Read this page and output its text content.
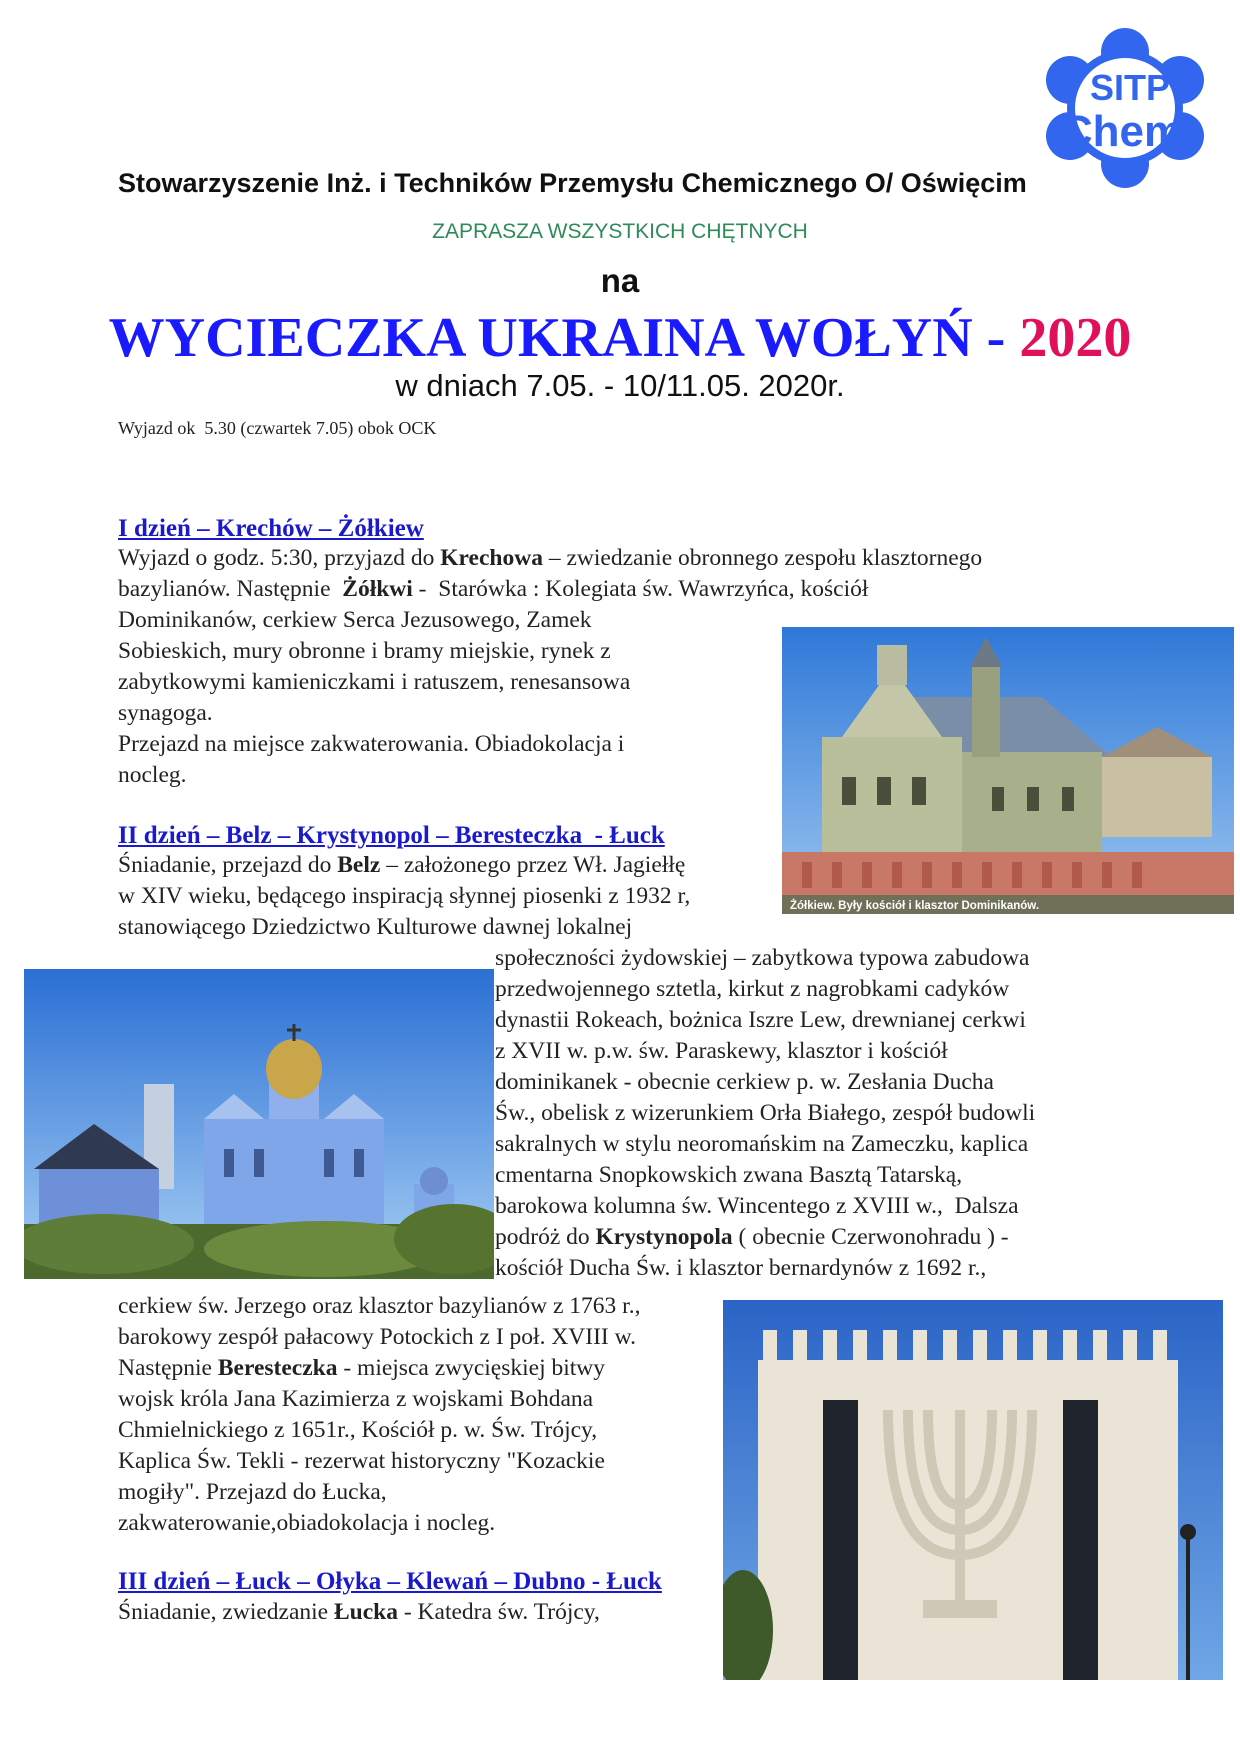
SITP
Chem
Stowarzyszenie Inż. i Techników Przemysłu Chemicznego O/ Oświęcim
ZAPRASZA WSZYSTKICH CHĘTNYCH
na
WYCIECZKA UKRAINA WOŁYŃ - 2020
w dniach 7.05. - 10/11.05. 2020r.
Wyjazd ok  5.30 (czwartek 7.05) obok OCK
I dzień – Krechów – Żółkiew

Wyjazd o godz. 5:30, przyjazd do Krechowa – zwiedzanie obronnego zespołu klasztornego

bazylianów. Następnie  Żółkwi -  Starówka : Kolegiata św. Wawrzyńca, kościół

Dominikanów, cerkiew Serca Jezusowego, Zamek

Sobieskich, mury obronne i bramy miejskie, rynek z

zabytkowymi kamieniczkami i ratuszem, renesansowa

synagoga.

Przejazd na miejsce zakwaterowania. Obiadokolacja i

nocleg.

Żółkiew. Były kościół i klasztor Dominikanów.
II dzień – Belz – Krystynopol – Beresteczka  - Łuck

Śniadanie, przejazd do Belz – założonego przez Wł. Jagiełłę

w XIV wieku, będącego inspiracją słynnej piosenki z 1932 r,

stanowiącego Dziedzictwo Kulturowe dawnej lokalnej

społeczności żydowskiej – zabytkowa typowa zabudowa

przedwojennego sztetla, kirkut z nagrobkami cadyków

dynastii Rokeach, bożnica Iszre Lew, drewnianej cerkwi

z XVII w. p.w. św. Paraskewy, klasztor i kościół

dominikanek - obecnie cerkiew p. w. Zesłania Ducha

Św., obelisk z wizerunkiem Orła Białego, zespół budowli

sakralnych w stylu neoromańskim na Zameczku, kaplica

cmentarna Snopkowskich zwana Basztą Tatarską,

barokowa kolumna św. Wincentego z XVIII w.,  Dalsza

podróż do Krystynopola ( obecnie Czerwonohradu ) -

kościół Ducha Św. i klasztor bernardynów z 1692 r.,

cerkiew św. Jerzego oraz klasztor bazylianów z 1763 r.,

barokowy zespół pałacowy Potockich z I poł. XVIII w.

Następnie Beresteczka - miejsca zwycięskiej bitwy

wojsk króla Jana Kazimierza z wojskami Bohdana

Chmielnickiego z 1651r., Kościół p. w. Św. Trójcy,

Kaplica Św. Tekli - rezerwat historyczny "Kozackie

mogiły". Przejazd do Łucka,

zakwaterowanie,obiadokolacja i nocleg.

III dzień – Łuck – Ołyka – Klewań – Dubno - Łuck

Śniadanie, zwiedzanie Łucka - Katedra św. Trójcy,
